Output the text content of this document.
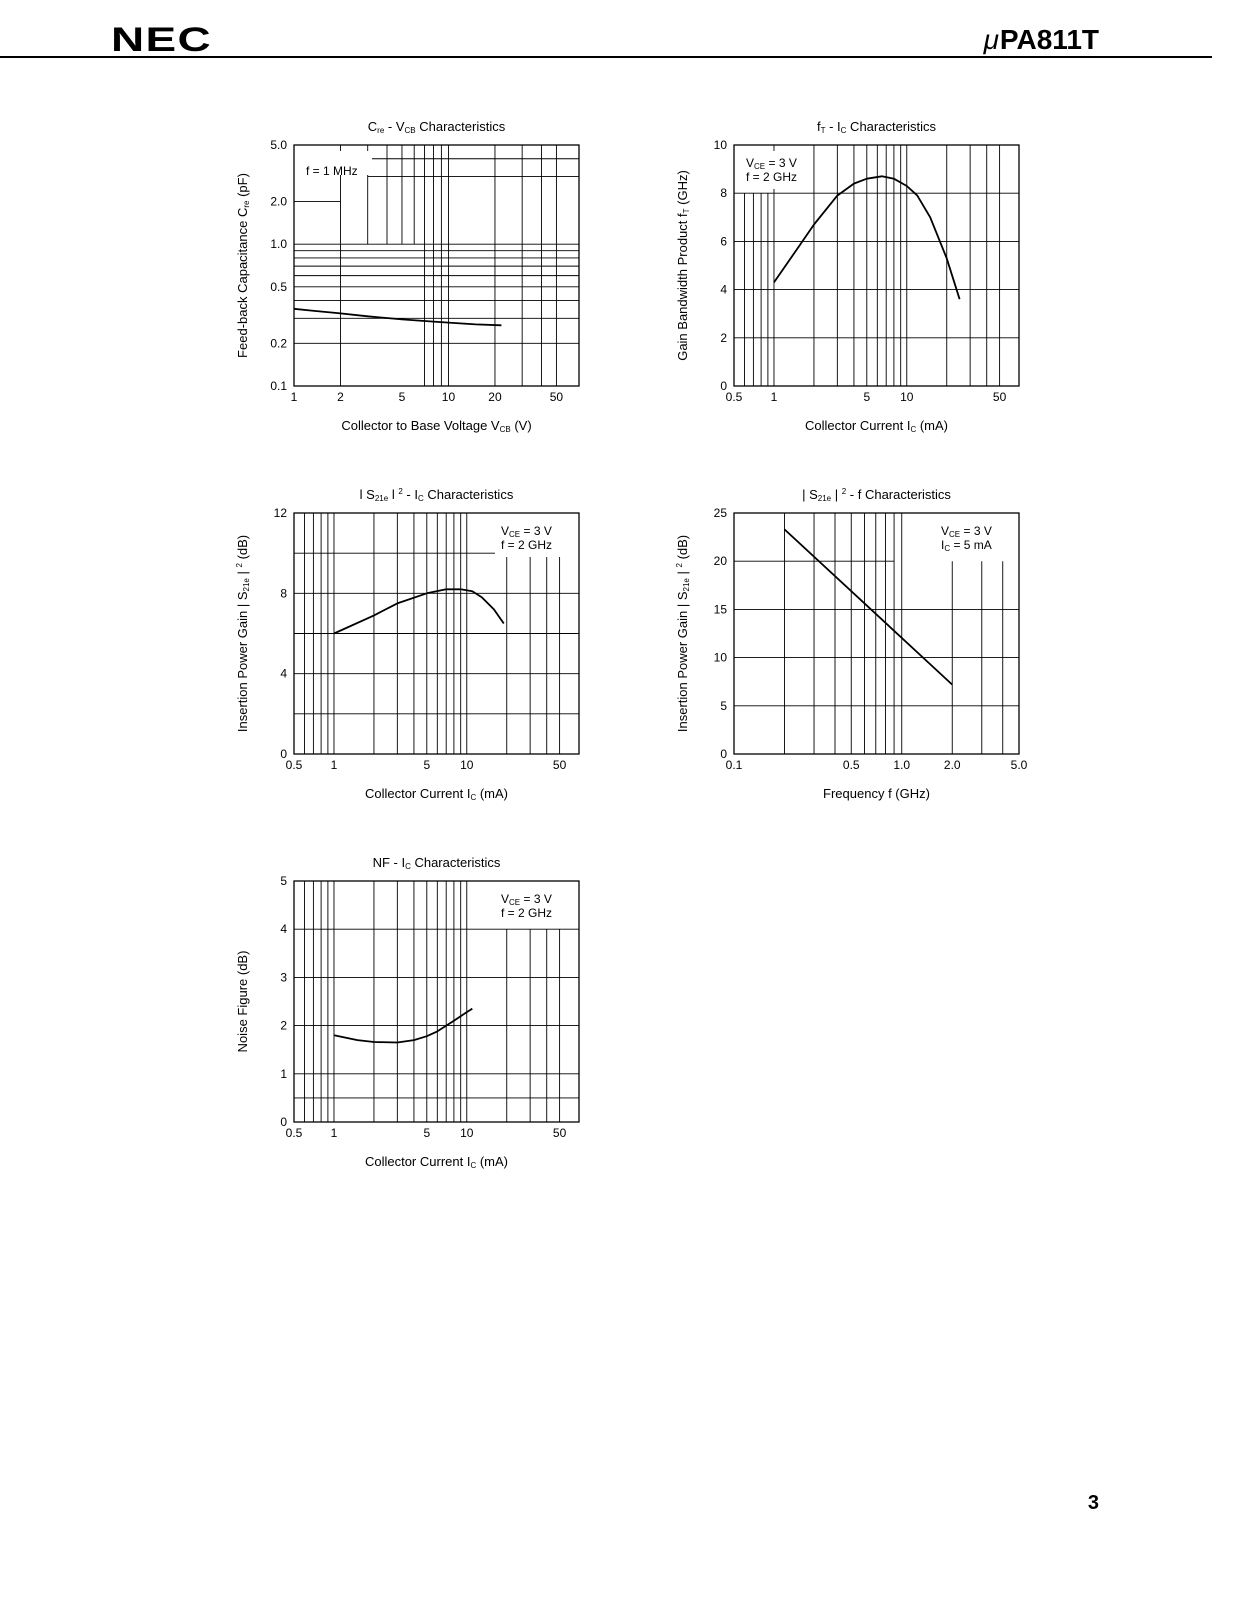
NEC	μPA811T
f = 1 MHz
1	2	5	10	20	50
0.1
0.2
0.5
1.0
2.0
5.0
Cre - VCB Characteristics
Collector to Base Voltage VCB (V)
Feed-back Capacitance Cre (pF)
VCE = 3 V
f = 2 GHz
0.5 1	5 10	50
0
2
4
6
8
10
fT - IC Characteristics
Collector Current IC (mA)
Gain Bandwidth Product fT (GHz)
VCE = 3 V
f = 2 GHz
0.5 1	5 10	50
0
4
8
12
l S21e l $^2$ - IC Characteristics
Collector Current IC (mA)
Insertion Power Gain | S21e | $^2$ (dB)
VCE = 3 V
IC = 5 mA
0.1	0.5	1.0	2.0	5.0
0
5
10
15
20
25
| S21e | $^2$ - f Characteristics
Frequency f (GHz)
Insertion Power Gain | S21e | $^2$ (dB)
VCE = 3 V
f = 2 GHz
0.5 1	5 10	50
0
1
2
3
4
5
NF - IC Characteristics
Collector Current IC (mA)
Noise Figure (dB)
3
